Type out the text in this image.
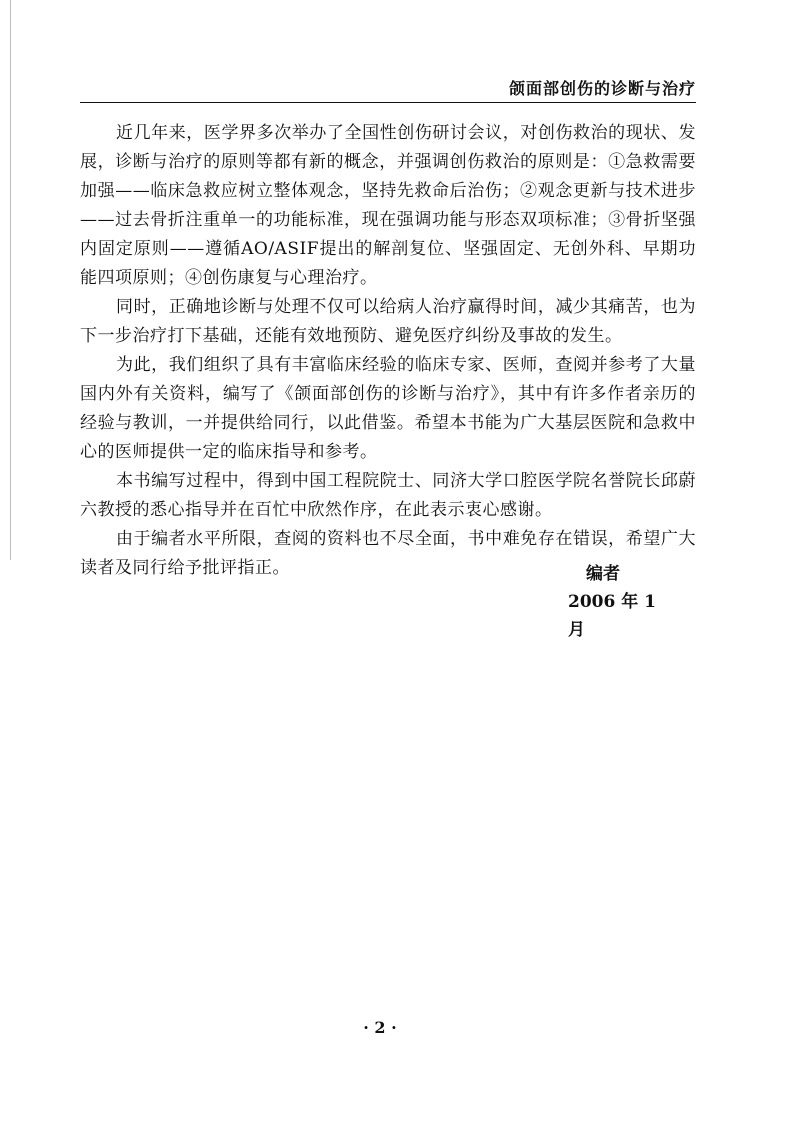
颌面部创伤的诊断与治疗

近几年来，医学界多次举办了全国性创伤研讨会议，对创伤救治的现状、发展，诊断与治疗的原则等都有新的概念，并强调创伤救治的原则是：①急救需要加强——临床急救应树立整体观念，坚持先救命后治伤；②观念更新与技术进步——过去骨折注重单一的功能标准，现在强调功能与形态双项标准；③骨折坚强内固定原则——遵循AO/ASIF提出的解剖复位、坚强固定、无创外科、早期功能四项原则；④创伤康复与心理治疗。

同时，正确地诊断与处理不仅可以给病人治疗赢得时间，减少其痛苦，也为下一步治疗打下基础，还能有效地预防、避免医疗纠纷及事故的发生。

为此，我们组织了具有丰富临床经验的临床专家、医师，查阅并参考了大量国内外有关资料，编写了《颌面部创伤的诊断与治疗》，其中有许多作者亲历的经验与教训，一并提供给同行，以此借鉴。希望本书能为广大基层医院和急救中心的医师提供一定的临床指导和参考。

本书编写过程中，得到中国工程院院士、同济大学口腔医学院名誉院长邱蔚六教授的悉心指导并在百忙中欣然作序，在此表示衷心感谢。

由于编者水平所限，查阅的资料也不尽全面，书中难免存在错误，希望广大读者及同行给予批评指正。	编者
2006 年 1 月
· 2 ·
